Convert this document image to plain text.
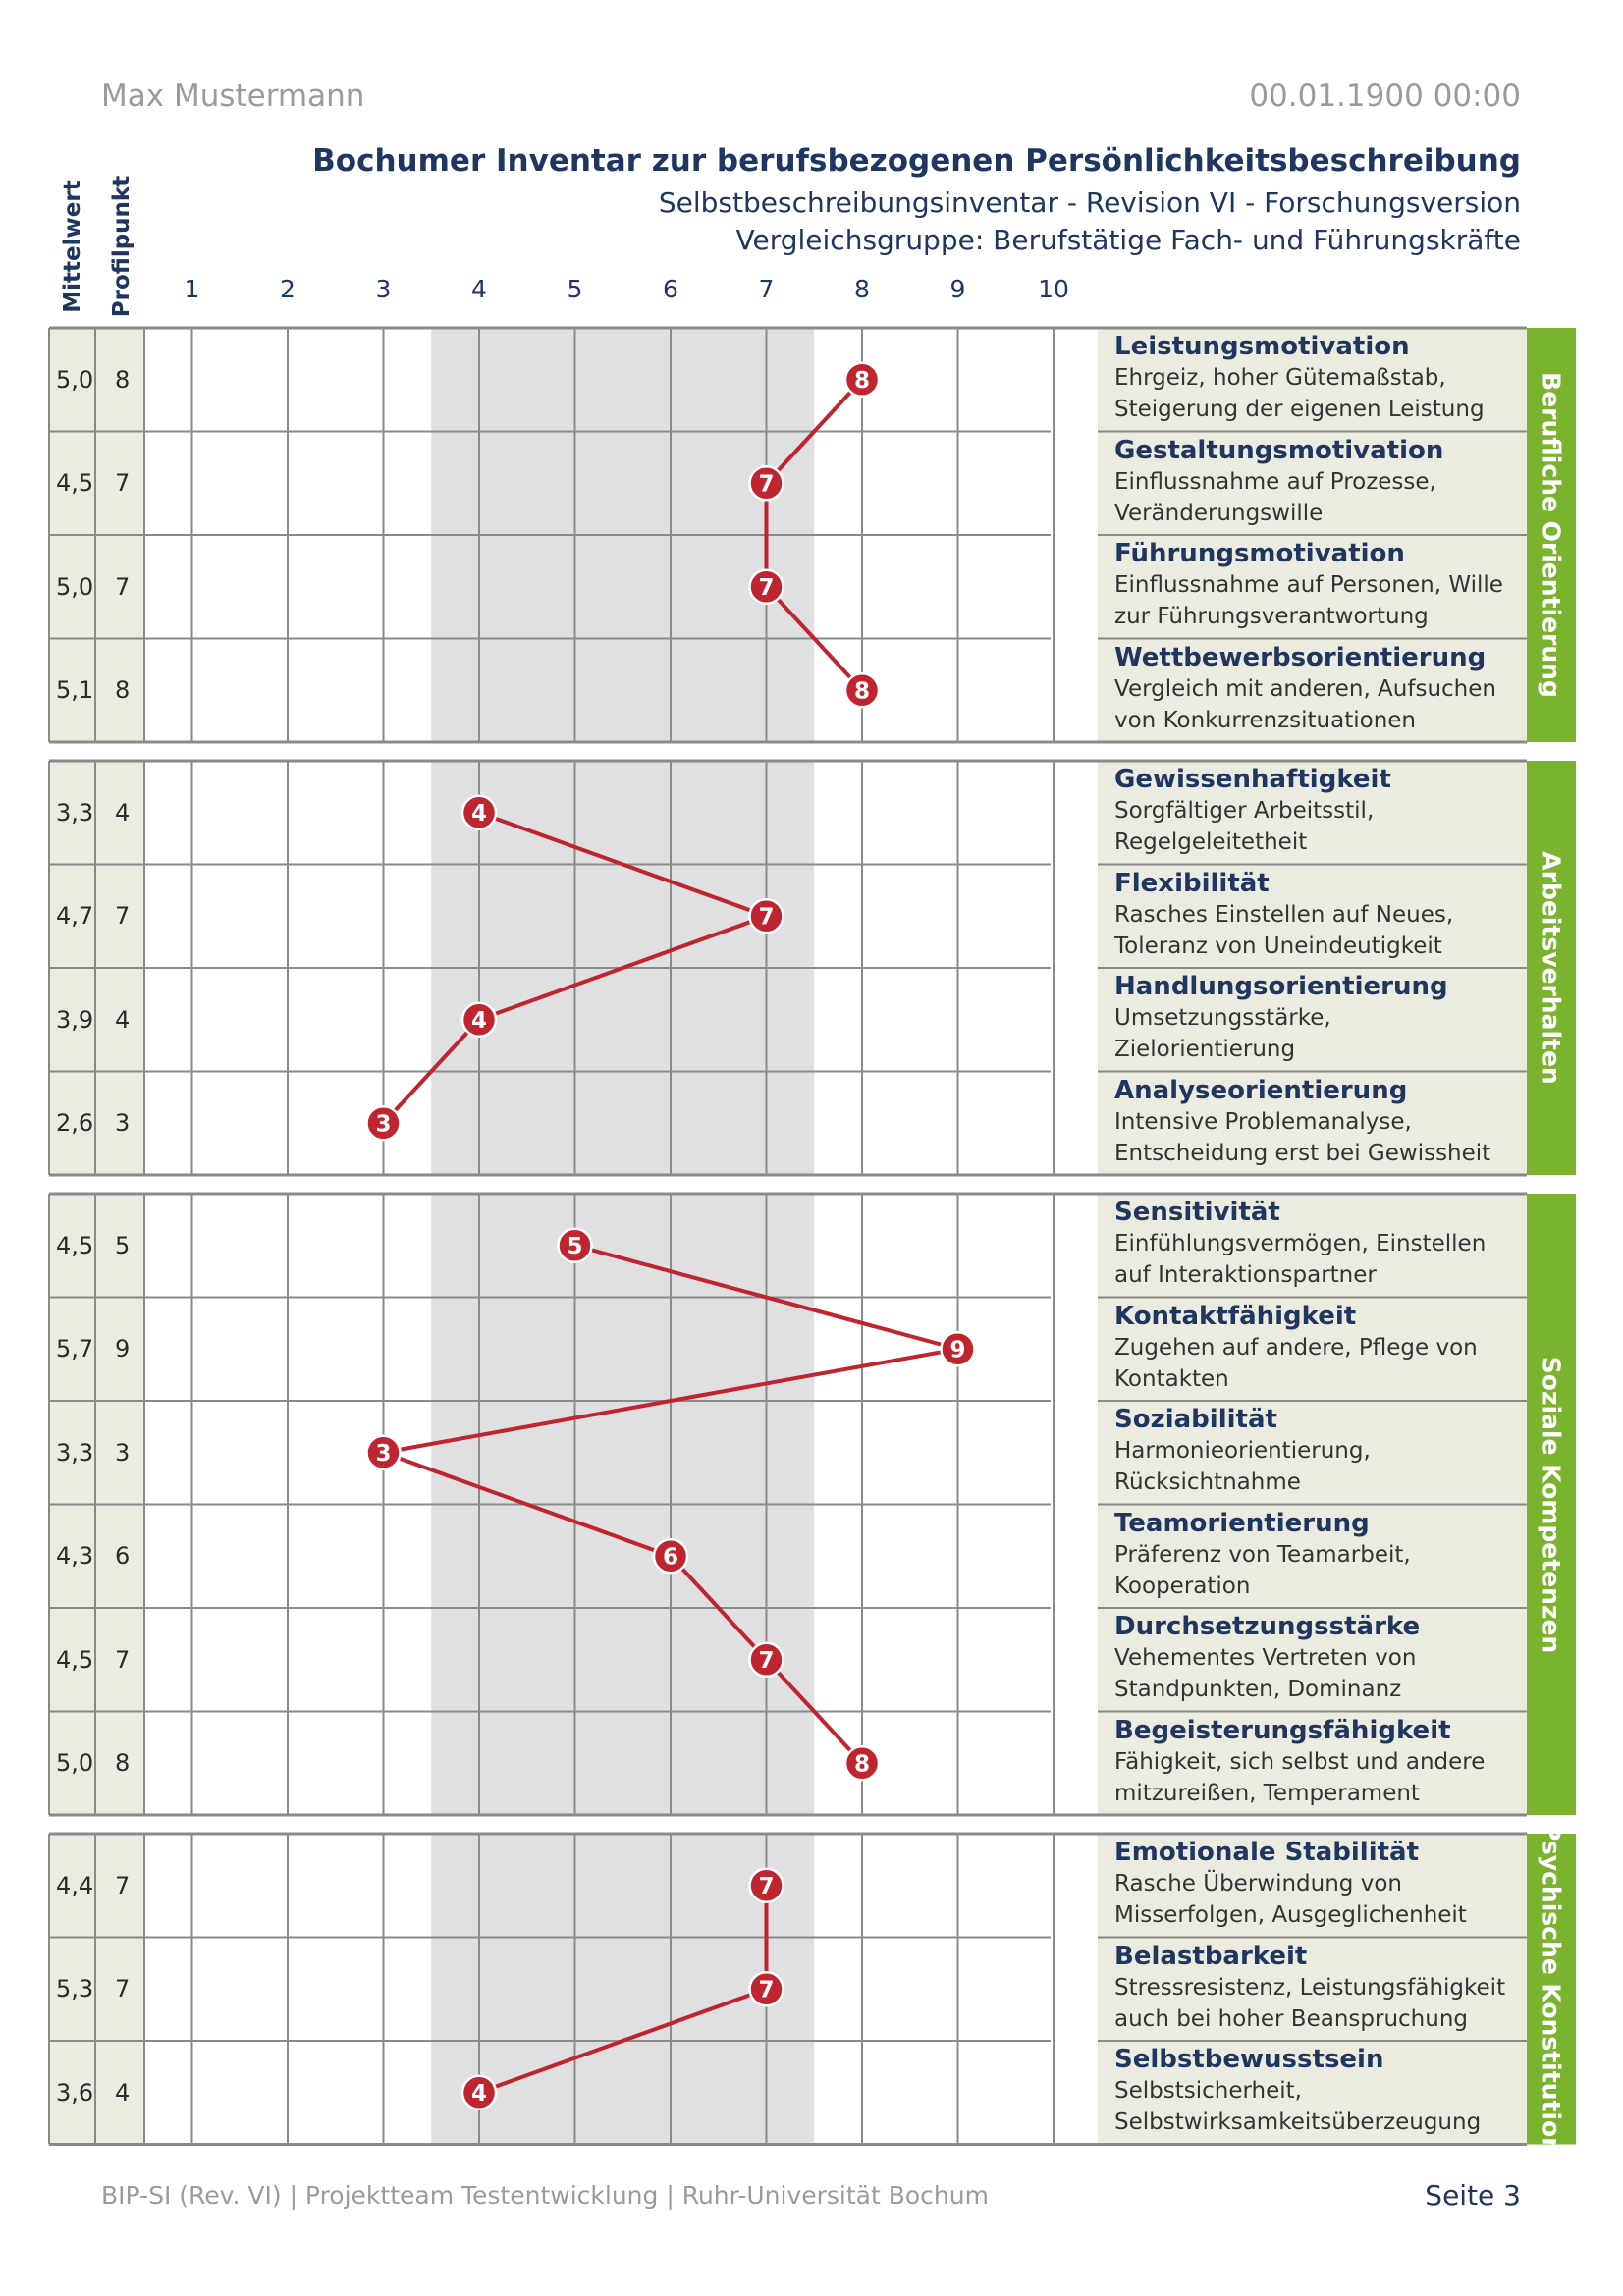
Max Mustermann	00.01.1900 00:00
Bochumer Inventar zur berufsbezogenen Persönlichkeitsbeschreibung
Selbstbeschreibungsinventar - Revision VI - Forschungsversion
Vergleichsgruppe: Berufstätige Fach- und Führungskräfte
Mittelwert Profilpunkt
8
7
7
8
4
7
4
3
5
9
3
6
7
8
7
7
4
1	2	3	4	5	6	7	8	9	10
Berufliche Orientierung
5,0 8
Leistungsmotivation
Ehrgeiz, hoher Gütemaßstab, Steigerung der eigenen Leistung
4,5 7
Gestaltungsmotivation
Einflussnahme auf Prozesse, Veränderungswille
5,0 7
Führungsmotivation
Einflussnahme auf Personen, Wille zur Führungsverantwortung
5,1 8
Wettbewerbsorientierung
Vergleich mit anderen, Aufsuchen von Konkurrenzsituationen
Arbeitsverhalten
3,3 4
Gewissenhaftigkeit
Sorgfältiger Arbeitsstil, Regelgeleitetheit
4,7 7
Flexibilität
Rasches Einstellen auf Neues, Toleranz von Uneindeutigkeit
3,9 4
Handlungsorientierung
Umsetzungsstärke, Zielorientierung
2,6 3
Analyseorientierung
Intensive Problemanalyse, Entscheidung erst bei Gewissheit
Soziale Kompetenzen
4,5 5
Sensitivität
Einfühlungsvermögen, Einstellen auf Interaktionspartner
5,7 9
Kontaktfähigkeit
Zugehen auf andere, Pflege von Kontakten
3,3 3
Soziabilität
Harmonieorientierung, Rücksichtnahme
4,3 6
Teamorientierung
Präferenz von Teamarbeit, Kooperation
4,5 7
Durchsetzungsstärke
Vehementes Vertreten von Standpunkten, Dominanz
5,0 8
Begeisterungsfähigkeit
Fähigkeit, sich selbst und andere mitzureißen, Temperament
Psychische Konstitution
4,4 7
Emotionale Stabilität
Rasche Überwindung von Misserfolgen, Ausgeglichenheit
5,3 7
Belastbarkeit
Stressresistenz, Leistungsfähigkeit auch bei hoher Beanspruchung
3,6 4
Selbstbewusstsein
Selbstsicherheit, Selbstwirksamkeitsüberzeugung
BIP-SI (Rev. VI) | Projektteam Testentwicklung | Ruhr-Universität Bochum	Seite 3
